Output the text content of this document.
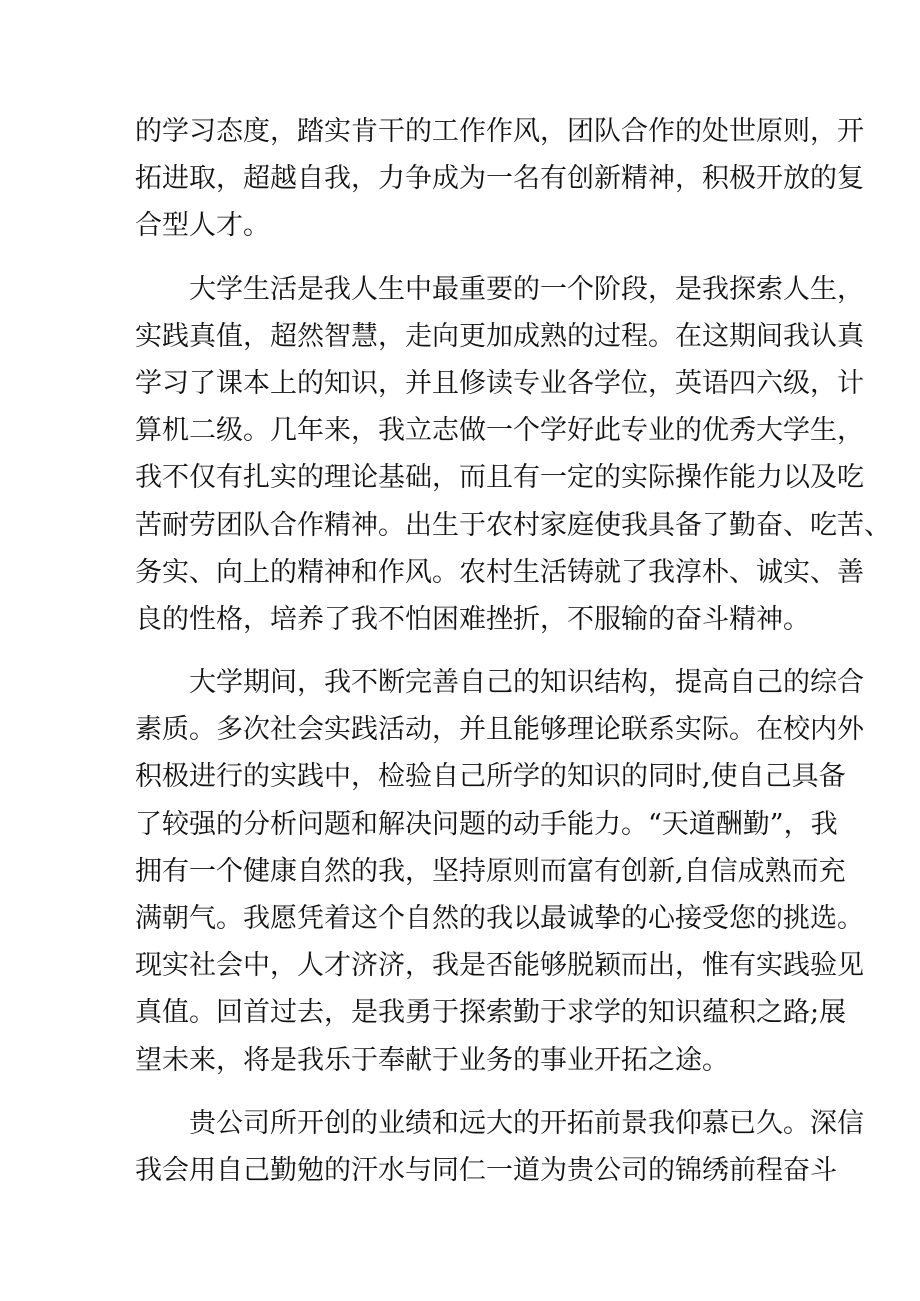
的学习态度，踏实肯干的工作作风，团队合作的处世原则，开
拓进取，超越自我，力争成为一名有创新精神，积极开放的复
合型人才。
大学生活是我人生中最重要的一个阶段，是我探索人生，
实践真值，超然智慧，走向更加成熟的过程。在这期间我认真
学习了课本上的知识，并且修读专业各学位，英语四六级，计
算机二级。几年来，我立志做一个学好此专业的优秀大学生，
我不仅有扎实的理论基础，而且有一定的实际操作能力以及吃
苦耐劳团队合作精神。出生于农村家庭使我具备了勤奋、吃苦、
务实、向上的精神和作风。农村生活铸就了我淳朴、诚实、善
良的性格，培养了我不怕困难挫折，不服输的奋斗精神。
大学期间，我不断完善自己的知识结构，提高自己的综合
素质。多次社会实践活动，并且能够理论联系实际。在校内外
积极进行的实践中，检验自己所学的知识的同时,使自己具备
了较强的分析问题和解决问题的动手能力。“天道酬勤”，我
拥有一个健康自然的我，坚持原则而富有创新,自信成熟而充
满朝气。我愿凭着这个自然的我以最诚挚的心接受您的挑选。
现实社会中，人才济济，我是否能够脱颖而出，惟有实践验见
真值。回首过去，是我勇于探索勤于求学的知识蕴积之路;展
望未来，将是我乐于奉献于业务的事业开拓之途。
贵公司所开创的业绩和远大的开拓前景我仰慕已久。深信
我会用自己勤勉的汗水与同仁一道为贵公司的锦绣前程奋斗
